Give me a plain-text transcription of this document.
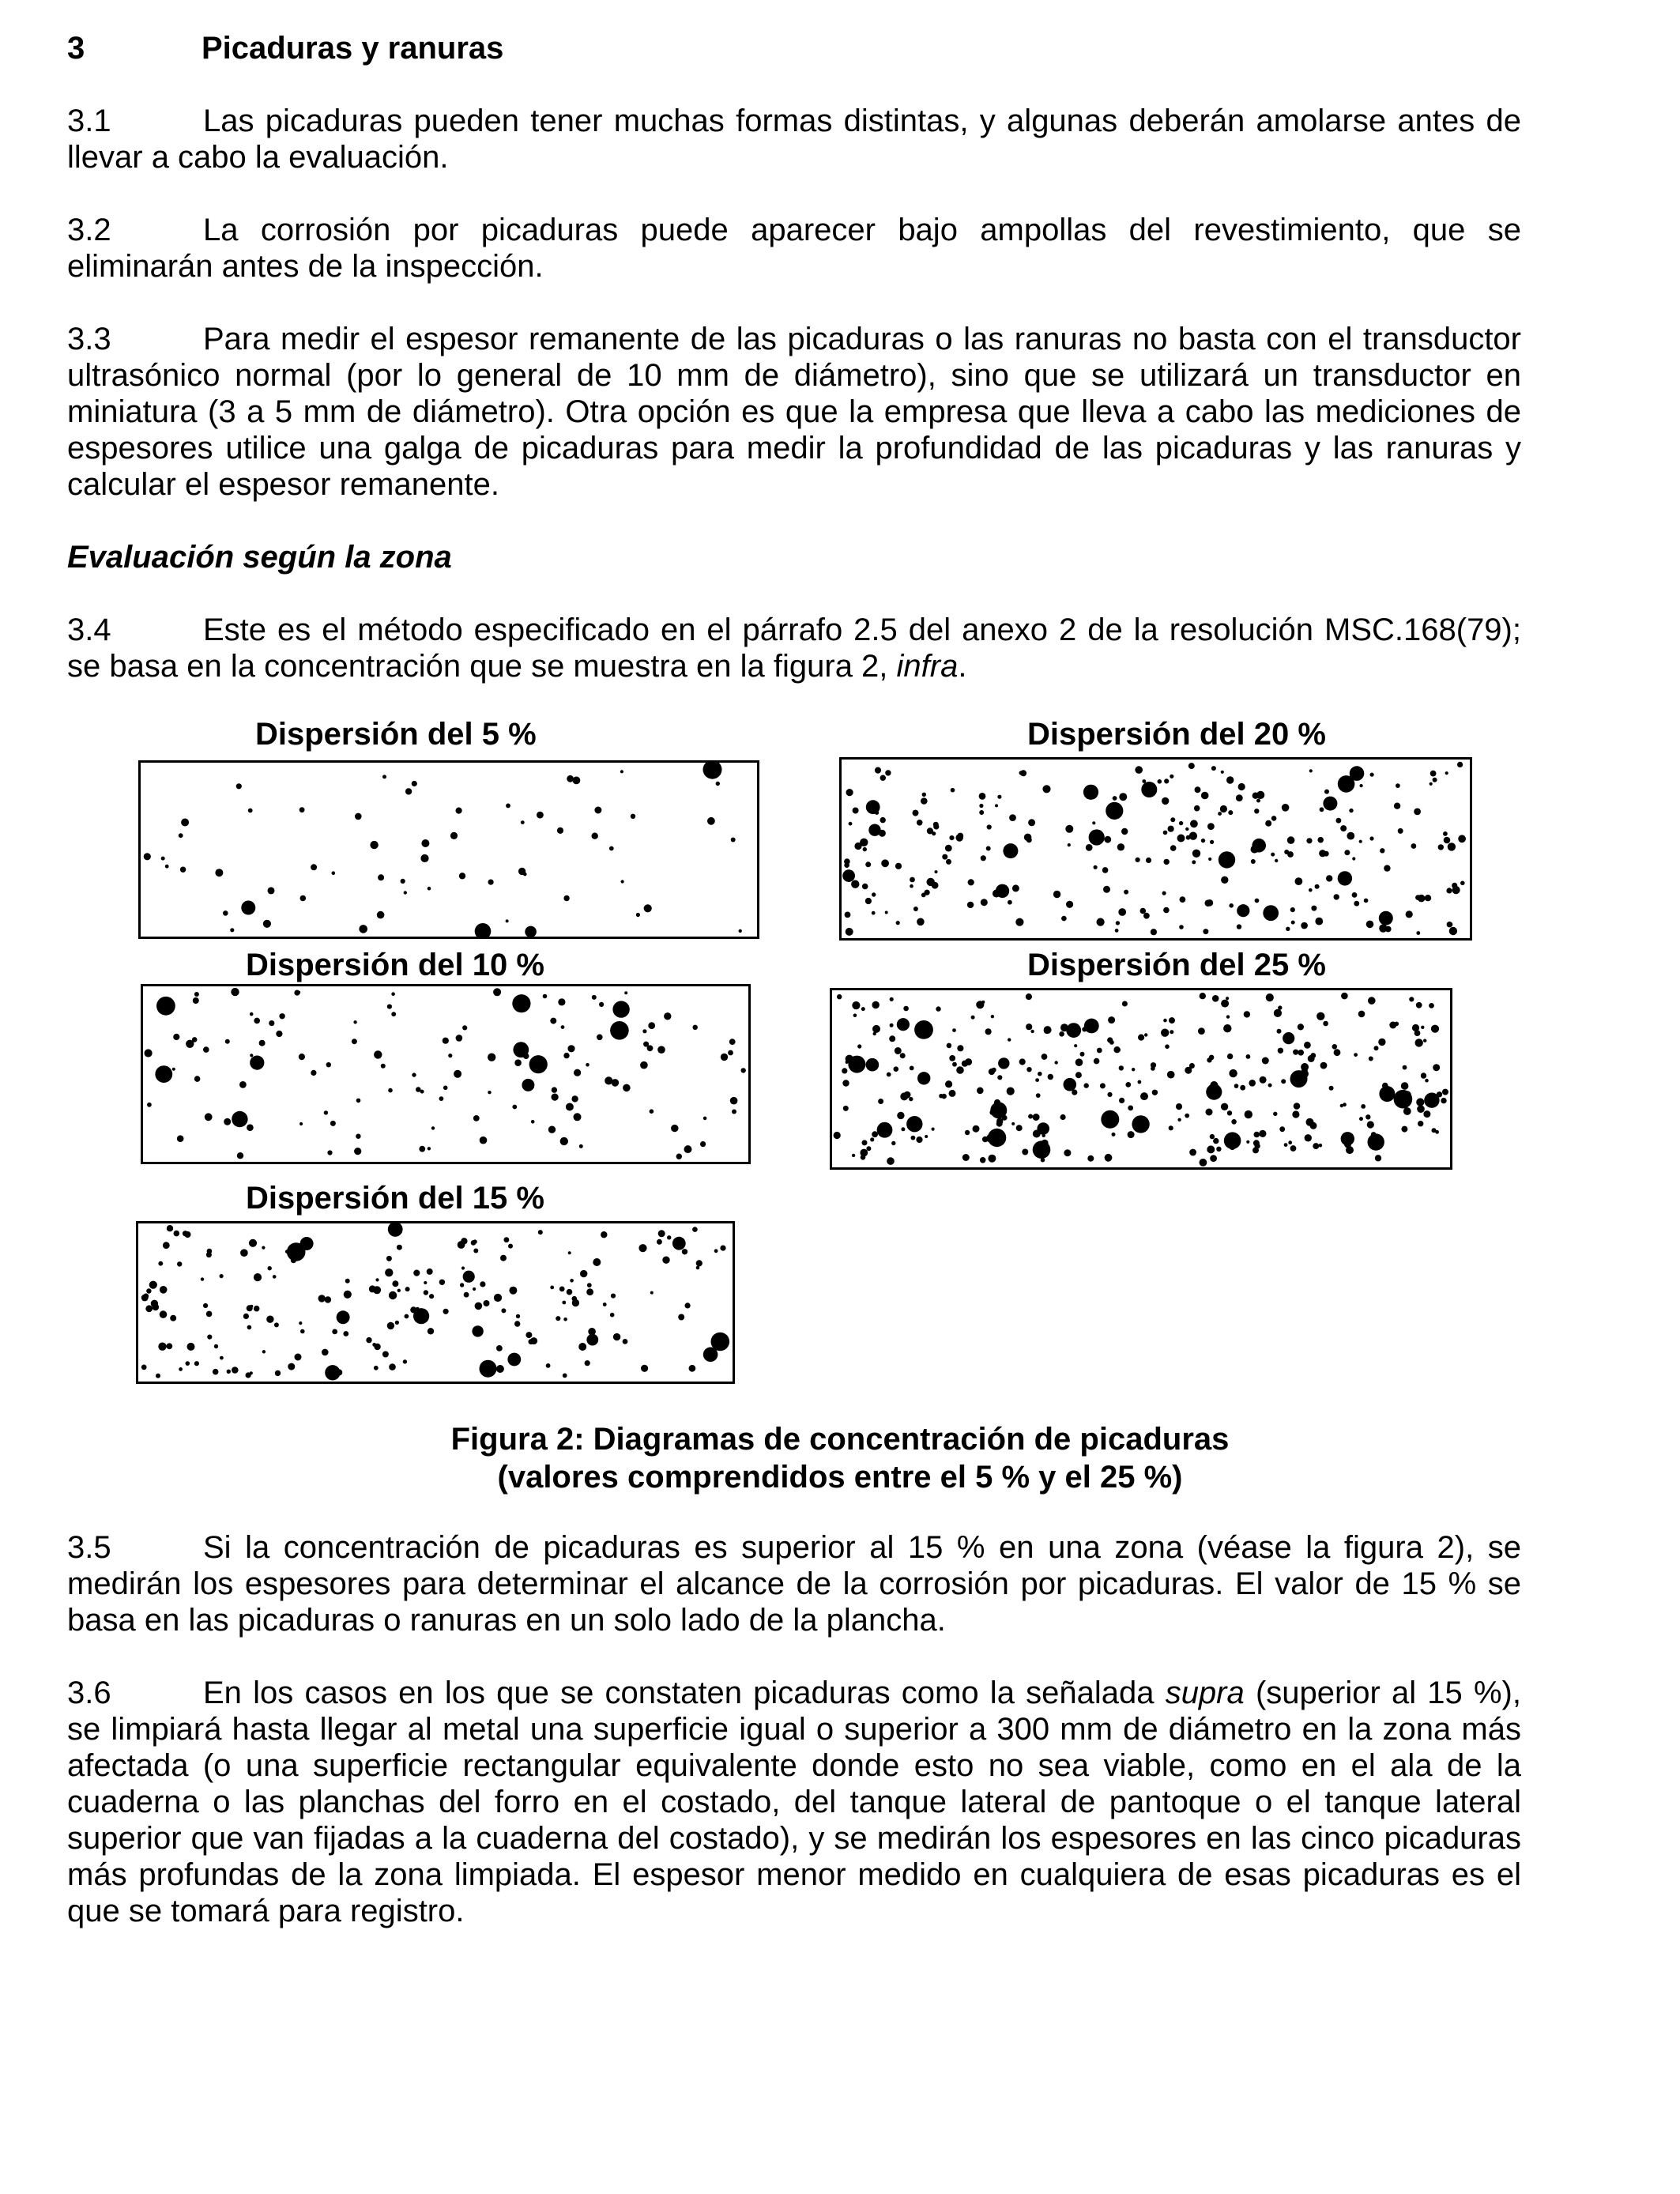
3	Picaduras y ranuras

3.1	Las picaduras pueden tener muchas formas distintas, y algunas deberán amolarse antes de llevar a cabo la evaluación.

3.2	La corrosión por picaduras puede aparecer bajo ampollas del revestimiento, que se eliminarán antes de la inspección.

3.3	Para medir el espesor remanente de las picaduras o las ranuras no basta con el transductor ultrasónico normal (por lo general de 10 mm de diámetro), sino que se utilizará un transductor en miniatura (3 a 5 mm de diámetro). Otra opción es que la empresa que lleva a cabo las mediciones de espesores utilice una galga de picaduras para medir la profundidad de las picaduras y las ranuras y calcular el espesor remanente.

Evaluación según la zona

3.4	Este es el método especificado en el párrafo 2.5 del anexo 2 de la resolución MSC.168(79); se basa en la concentración que se muestra en la figura 2, infra.

Dispersión del 5 %	Dispersión del 20 %
Dispersión del 10 %	Dispersión del 25 %
Dispersión del 15 %
Figura 2: Diagramas de concentración de picaduras
(valores comprendidos entre el 5 % y el 25 %)

3.5	Si la concentración de picaduras es superior al 15 % en una zona (véase la figura 2), se medirán los espesores para determinar el alcance de la corrosión por picaduras. El valor de 15 % se basa en las picaduras o ranuras en un solo lado de la plancha.

3.6	En los casos en los que se constaten picaduras como la señalada supra (superior al 15 %), se limpiará hasta llegar al metal una superficie igual o superior a 300 mm de diámetro en la zona más afectada (o una superficie rectangular equivalente donde esto no sea viable, como en el ala de la cuaderna o las planchas del forro en el costado, del tanque lateral de pantoque o el tanque lateral superior que van fijadas a la cuaderna del costado), y se medirán los espesores en las cinco picaduras más profundas de la zona limpiada. El espesor menor medido en cualquiera de esas picaduras es el que se tomará para registro.
